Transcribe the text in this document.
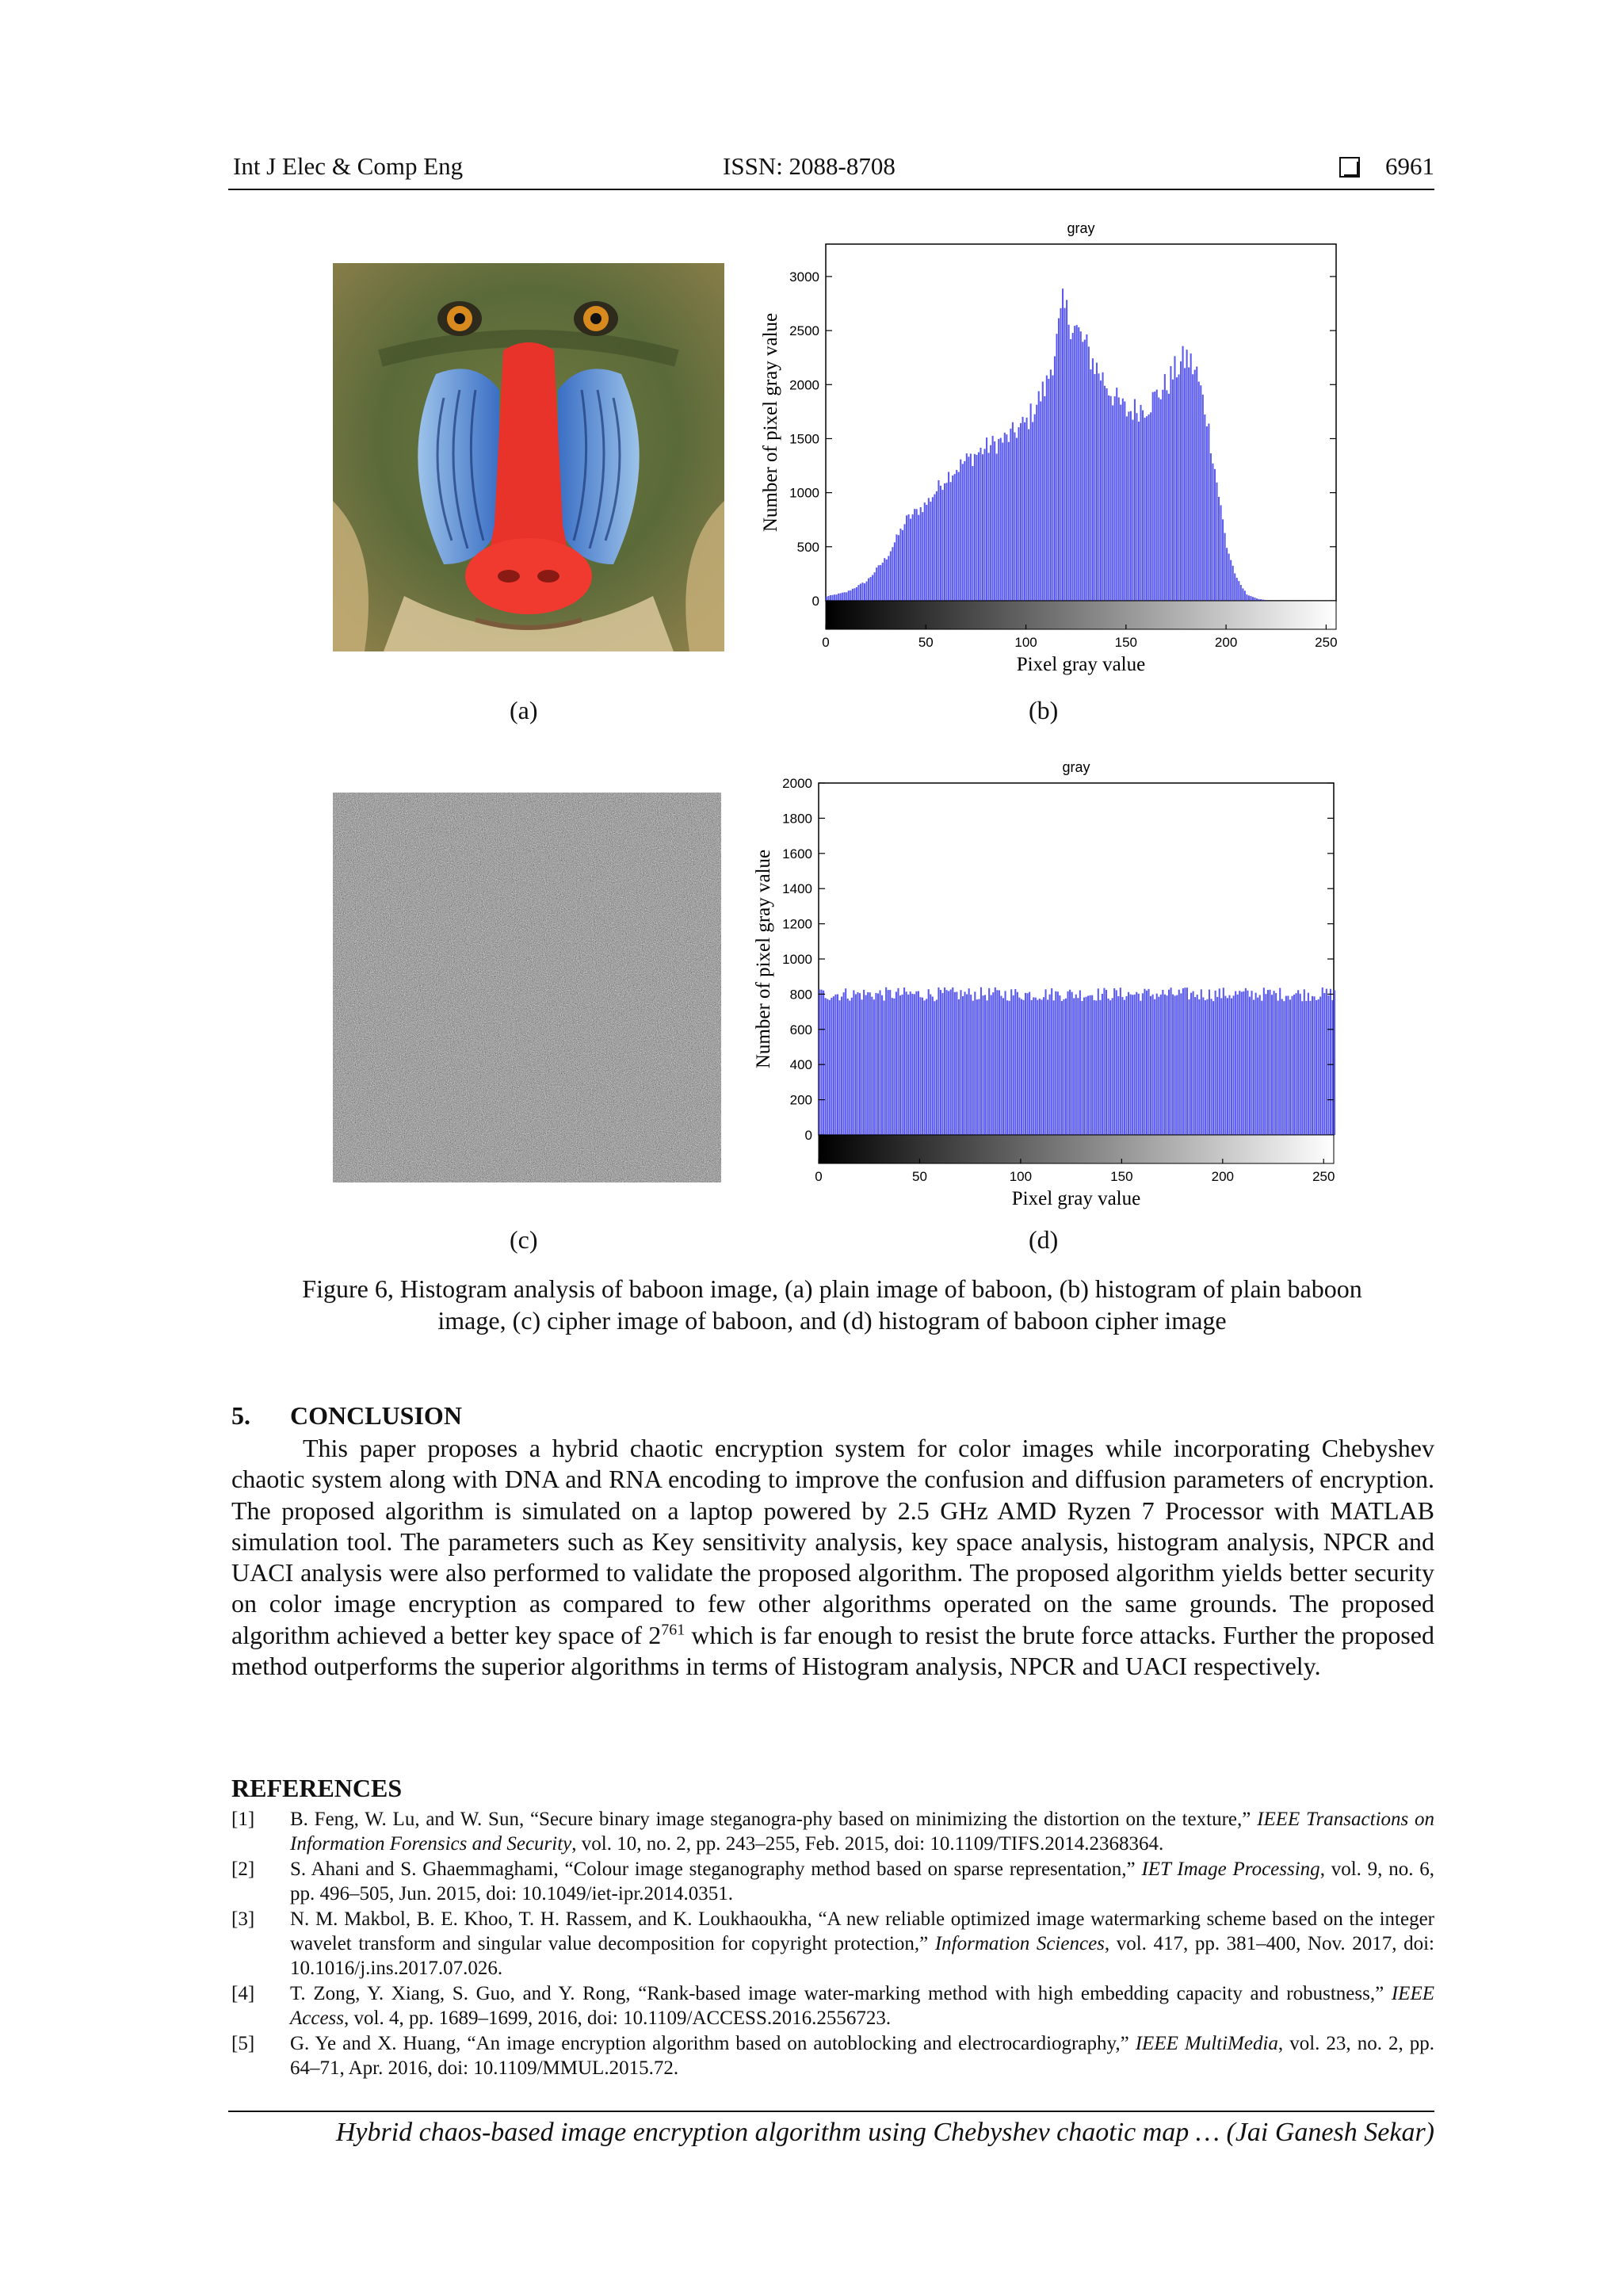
Int J Elec & Comp Eng	ISSN: 2088-8708	6961
(a)
gray
0
500
1000
1500
2000
2500
3000
0	50	100	150	200	250
Pixel gray value
Number of pixel gray value
(b)
(c)
gray
0
200
400
600
800
1000
1200
1400
1600
1800
2000
0	50	100	150	200	250
Pixel gray value
Number of pixel gray value
(d)
Figure 6, Histogram analysis of baboon image, (a) plain image of baboon, (b) histogram of plain baboon
image, (c) cipher image of baboon, and (d) histogram of baboon cipher image
5. CONCLUSION

This paper proposes a hybrid chaotic encryption system for color images while incorporating Chebyshev chaotic system along with DNA and RNA encoding to improve the confusion and diffusion parameters of encryption. The proposed algorithm is simulated on a laptop powered by 2.5 GHz AMD Ryzen 7 Processor with MATLAB simulation tool. The parameters such as Key sensitivity analysis, key space analysis, histogram analysis, NPCR and UACI analysis were also performed to validate the proposed algorithm. The proposed algorithm yields better security on color image encryption as compared to few other algorithms operated on the same grounds. The proposed algorithm achieved a better key space of $2^{761}$ which is far enough to resist the brute force attacks. Further the proposed method outperforms the superior algorithms in terms of Histogram analysis, NPCR and UACI respectively.

REFERENCES
[1] B. Feng, W. Lu, and W. Sun, “Secure binary image steganogra-phy based on minimizing the distortion on the texture,” IEEE Transactions on Information Forensics and Security, vol. 10, no. 2, pp. 243–255, Feb. 2015, doi: 10.1109/TIFS.2014.2368364.
[2] S. Ahani and S. Ghaemmaghami, “Colour image steganography method based on sparse representation,” IET Image Processing, vol. 9, no. 6, pp. 496–505, Jun. 2015, doi: 10.1049/iet-ipr.2014.0351.
[3] N. M. Makbol, B. E. Khoo, T. H. Rassem, and K. Loukhaoukha, “A new reliable optimized image watermarking scheme based on the integer wavelet transform and singular value decomposition for copyright protection,” Information Sciences, vol. 417, pp. 381–400, Nov. 2017, doi: 10.1016/j.ins.2017.07.026.
[4] T. Zong, Y. Xiang, S. Guo, and Y. Rong, “Rank-based image water-marking method with high embedding capacity and robustness,” IEEE Access, vol. 4, pp. 1689–1699, 2016, doi: 10.1109/ACCESS.2016.2556723.
[5] G. Ye and X. Huang, “An image encryption algorithm based on autoblocking and electrocardiography,” IEEE MultiMedia, vol. 23, no. 2, pp. 64–71, Apr. 2016, doi: 10.1109/MMUL.2015.72.
Hybrid chaos-based image encryption algorithm using Chebyshev chaotic map … (Jai Ganesh Sekar)
